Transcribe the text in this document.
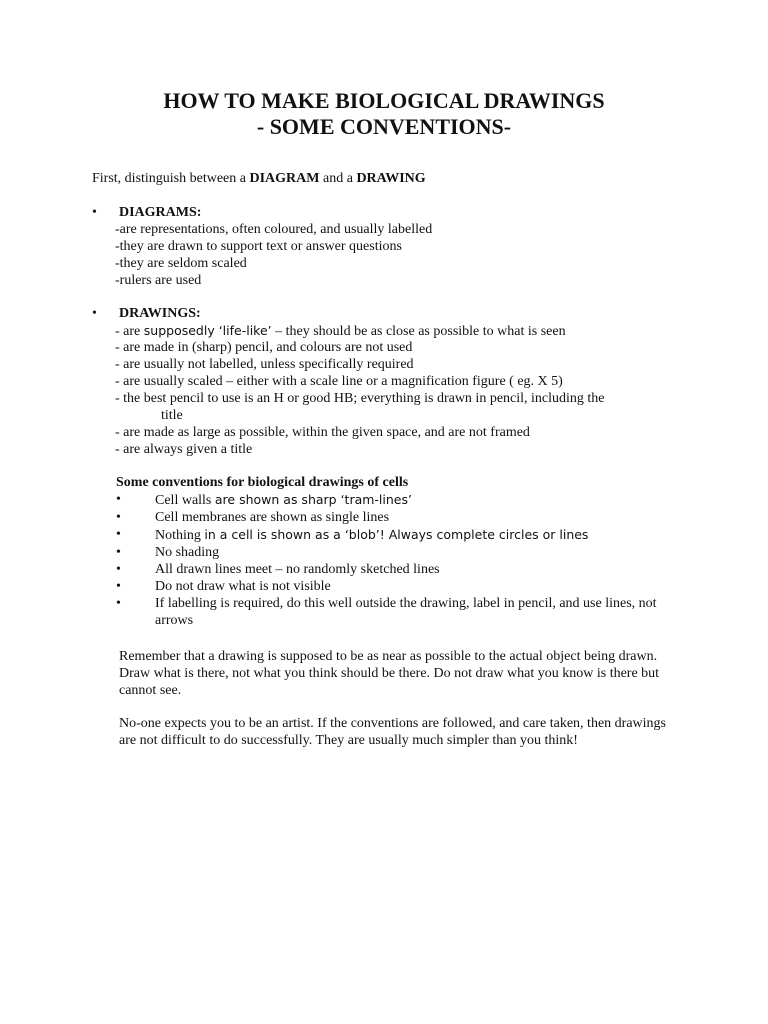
HOW TO MAKE BIOLOGICAL DRAWINGS
- SOME CONVENTIONS-
First, distinguish between a DIAGRAM and a DRAWING
• DIAGRAMS:
-are representations, often coloured, and usually labelled
-they are drawn to support text or answer questions
-they are seldom scaled
-rulers are used
• DRAWINGS:
- are supposedly ‘life-like’ – they should be as close as possible to what is seen
- are made in (sharp) pencil, and colours are not used
- are usually not labelled, unless specifically required
- are usually scaled – either with a scale line or a magnification figure ( eg. X 5)
- the best pencil to use is an H or good HB; everything is drawn in pencil, including the
title
- are made as large as possible, within the given space, and are not framed
- are always given a title
Some conventions for biological drawings of cells
• Cell walls are shown as sharp ‘tram-lines’
• Cell membranes are shown as single lines
• Nothing in a cell is shown as a ‘blob’! Always complete circles or lines
• No shading
• All drawn lines meet – no randomly sketched lines
• Do not draw what is not visible
• If labelling is required, do this well outside the drawing, label in pencil, and use lines, not arrows
Remember that a drawing is supposed to be as near as possible to the actual object being drawn. Draw what is there, not what you think should be there. Do not draw what you know is there but cannot see.
No-one expects you to be an artist. If the conventions are followed, and care taken, then drawings are not difficult to do successfully. They are usually much simpler than you think!
